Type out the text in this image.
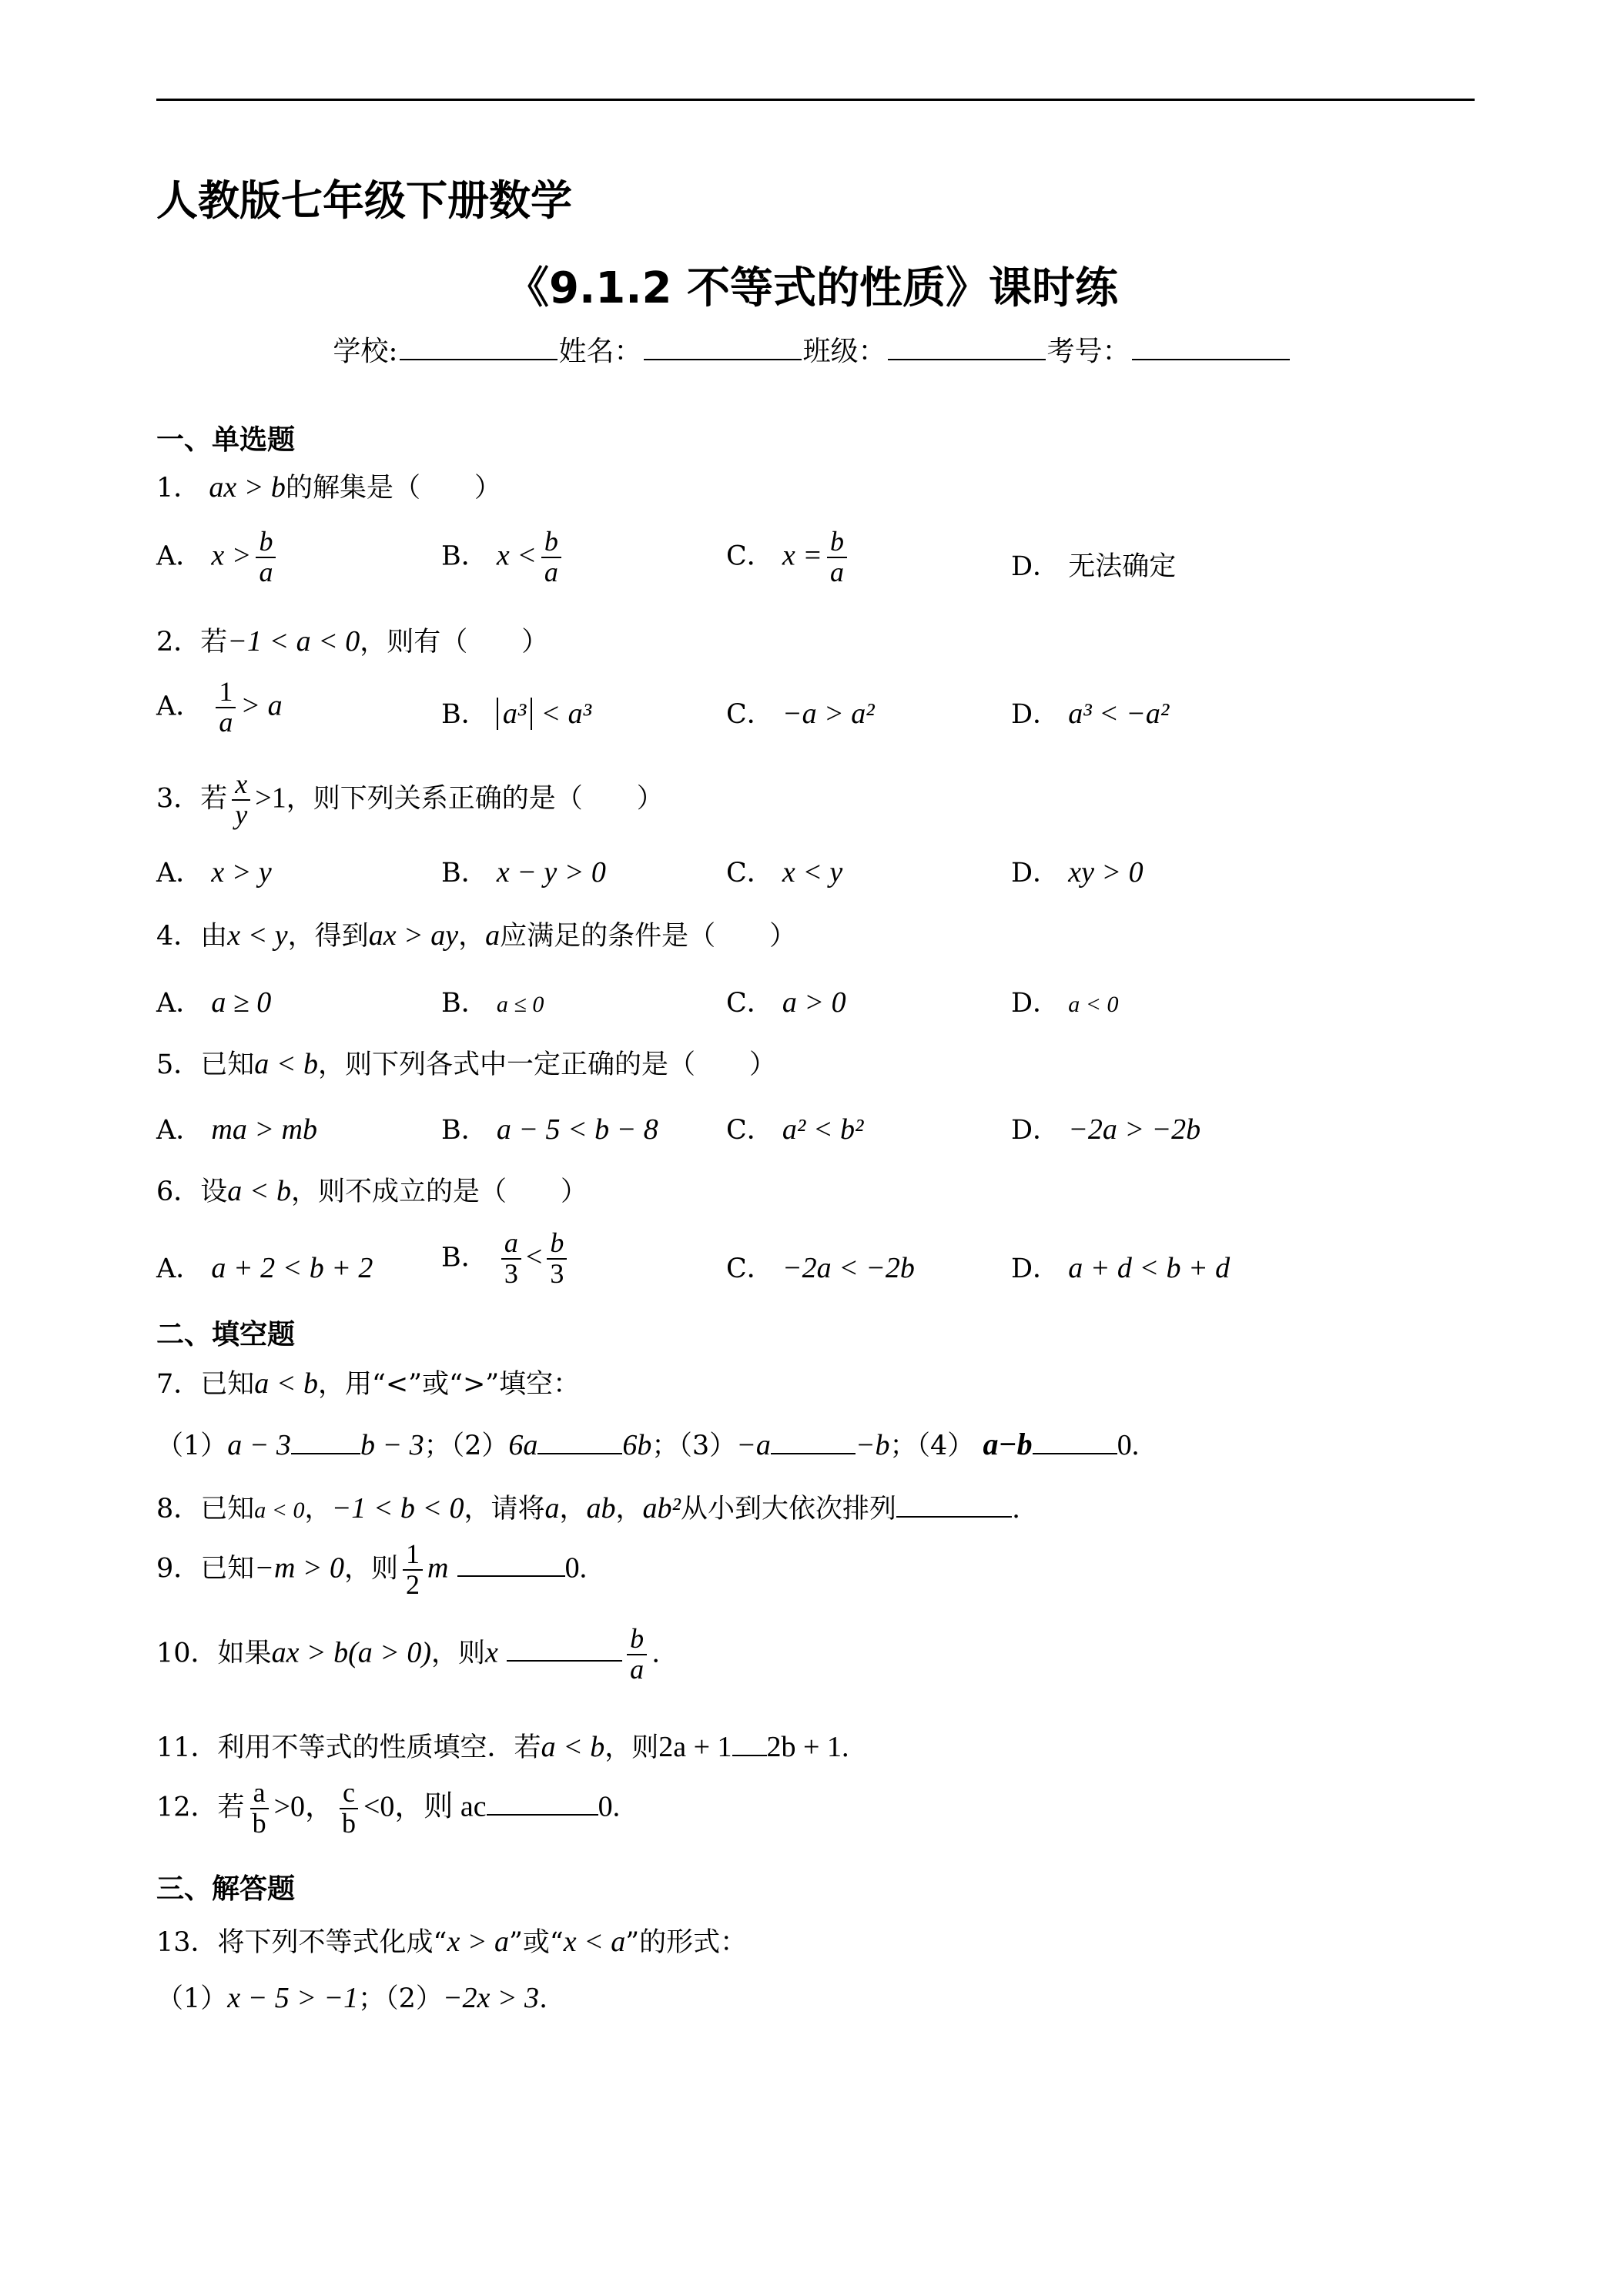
人教版七年级下册数学
《9.1.2 不等式的性质》课时练
学校:	姓名：	班级：	考号：
一、单选题
1． ax > b的解集是（　　）
A． $x > \frac{b}{a}$	B． $x < \frac{b}{a}$	C． $x = \frac{b}{a}$	D． 无法确定
2．若−1 < a < 0，则有（　　）
A． $\frac{1}{a} > a$	B． a³ < a³	C． −a > a²	D． a³ < −a²
3．若 $\frac{x}{y} >1$，则下列关系正确的是（　　）
A． x > y	B． x − y > 0	C． x < y	D． xy > 0
4．由x < y，得到ax > ay，a应满足的条件是（　　）
A． a ≥ 0	B． a ≤ 0	C． a > 0	D． a < 0
5．已知a < b，则下列各式中一定正确的是（　　）
A． ma > mb	B． a − 5 < b − 8	C． a² < b²	D． −2a > −2b
6．设a < b，则不成立的是（　　）
A． a + 2 < b + 2	B． $\frac{a}{3} < \frac{b}{3}$	C． −2a < −2b	D． a + d < b + d
二、填空题
7．已知a < b，用“<”或“>”填空：
（1）a − 3 b − 3；（2）6a	6b；（3）−a	−b；（4） a−b	0.
8．已知a < 0，−1 < b < 0，请将a，ab，ab²从小到大依次排列	.
9．已知−m > 0，则 $\frac{1}{2}$ m	0.
10．如果ax > b(a > 0)，则x	$\frac{b}{a}$ .
11．利用不等式的性质填空．若a < b，则2a + 1 2b + 1.
12．若 $\frac{a}{b} >0$， $\frac{c}{b} <0$，则 ac	0.
三、解答题
13．将下列不等式化成“x > a”或“x < a”的形式：
（1）x − 5 > −1；（2）−2x > 3.
